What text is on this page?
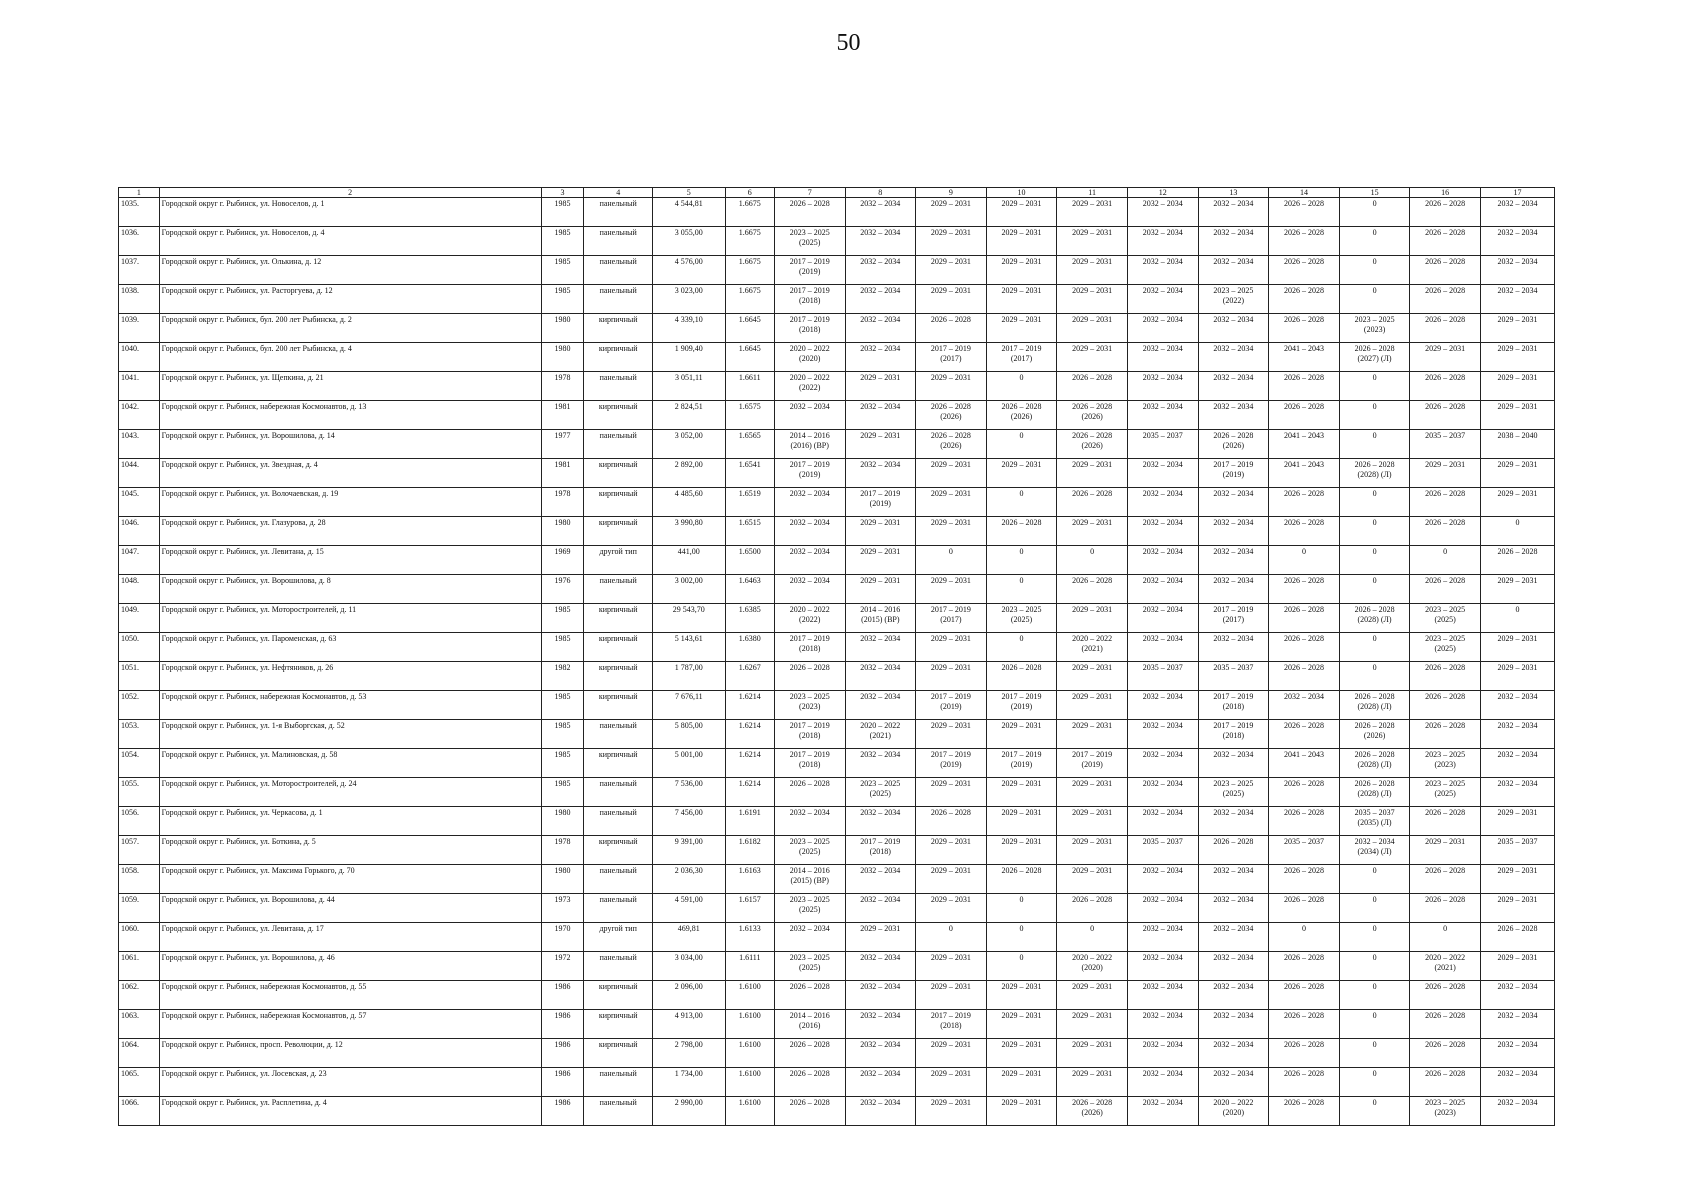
50
1	2	3	4	5	6	7	8	9	10	11	12	13	14	15	16	17
1035.	Городской округ г. Рыбинск, ул. Новоселов, д. 1	1985	панельный	4 544,81	1.6675	2026 – 2028	2032 – 2034	2029 – 2031	2029 – 2031	2029 – 2031	2032 – 2034	2032 – 2034	2026 – 2028	0	2026 – 2028	2032 – 2034

1036.	Городской округ г. Рыбинск, ул. Новоселов, д. 4	1985	панельный	3 055,00	1.6675	2023 – 2025
(2025)	2032 – 2034	2029 – 2031	2029 – 2031	2029 – 2031	2032 – 2034	2032 – 2034	2026 – 2028	0	2026 – 2028	2032 – 2034

1037.	Городской округ г. Рыбинск, ул. Олькина, д. 12	1985	панельный	4 576,00	1.6675	2017 – 2019
(2019)	2032 – 2034	2029 – 2031	2029 – 2031	2029 – 2031	2032 – 2034	2032 – 2034	2026 – 2028	0	2026 – 2028	2032 – 2034

1038.	Городской округ г. Рыбинск, ул. Расторгуева, д. 12	1985	панельный	3 023,00	1.6675	2017 – 2019
(2018)	2032 – 2034	2029 – 2031	2029 – 2031	2029 – 2031	2032 – 2034	2023 – 2025
(2022)	2026 – 2028	0	2026 – 2028	2032 – 2034

1039.	Городской округ г. Рыбинск, бул. 200 лет Рыбинска, д. 2	1980	кирпичный	4 339,10	1.6645	2017 – 2019
(2018)	2032 – 2034	2026 – 2028	2029 – 2031	2029 – 2031	2032 – 2034	2032 – 2034	2026 – 2028	2023 – 2025
(2023)	2026 – 2028	2029 – 2031

1040.	Городской округ г. Рыбинск, бул. 200 лет Рыбинска, д. 4	1980	кирпичный	1 909,40	1.6645	2020 – 2022
(2020)	2032 – 2034	2017 – 2019
(2017)	2017 – 2019
(2017)	2029 – 2031	2032 – 2034	2032 – 2034	2041 – 2043	2026 – 2028
(2027) (Л)	2029 – 2031	2029 – 2031

1041.	Городской округ г. Рыбинск, ул. Щепкина, д. 21	1978	панельный	3 051,11	1.6611	2020 – 2022
(2022)	2029 – 2031	2029 – 2031	0	2026 – 2028	2032 – 2034	2032 – 2034	2026 – 2028	0	2026 – 2028	2029 – 2031

1042.	Городской округ г. Рыбинск, набережная Космонавтов, д. 13	1981	кирпичный	2 824,51	1.6575	2032 – 2034	2032 – 2034	2026 – 2028
(2026)	2026 – 2028
(2026)	2026 – 2028
(2026)	2032 – 2034	2032 – 2034	2026 – 2028	0	2026 – 2028	2029 – 2031

1043.	Городской округ г. Рыбинск, ул. Ворошилова, д. 14	1977	панельный	3 052,00	1.6565	2014 – 2016
(2016) (ВР)	2029 – 2031	2026 – 2028
(2026)	0	2026 – 2028
(2026)	2035 – 2037	2026 – 2028
(2026)	2041 – 2043	0	2035 – 2037	2038 – 2040

1044.	Городской округ г. Рыбинск, ул. Звездная, д. 4	1981	кирпичный	2 892,00	1.6541	2017 – 2019
(2019)	2032 – 2034	2029 – 2031	2029 – 2031	2029 – 2031	2032 – 2034	2017 – 2019
(2019)	2041 – 2043	2026 – 2028
(2028) (Л)	2029 – 2031	2029 – 2031

1045.	Городской округ г. Рыбинск, ул. Волочаевская, д. 19	1978	кирпичный	4 485,60	1.6519	2032 – 2034	2017 – 2019
(2019)	2029 – 2031	0	2026 – 2028	2032 – 2034	2032 – 2034	2026 – 2028	0	2026 – 2028	2029 – 2031

1046.	Городской округ г. Рыбинск, ул. Глазуровa, д. 28	1980	кирпичный	3 990,80	1.6515	2032 – 2034	2029 – 2031	2029 – 2031	2026 – 2028	2029 – 2031	2032 – 2034	2032 – 2034	2026 – 2028	0	2026 – 2028	0

1047.	Городской округ г. Рыбинск, ул. Левитана, д. 15	1969	другой тип	441,00	1.6500	2032 – 2034	2029 – 2031	0	0	0	2032 – 2034	2032 – 2034	0	0	0	2026 – 2028

1048.	Городской округ г. Рыбинск, ул. Ворошилова, д. 8	1976	панельный	3 002,00	1.6463	2032 – 2034	2029 – 2031	2029 – 2031	0	2026 – 2028	2032 – 2034	2032 – 2034	2026 – 2028	0	2026 – 2028	2029 – 2031

1049.	Городской округ г. Рыбинск, ул. Моторостроителей, д. 11	1985	кирпичный	29 543,70	1.6385	2020 – 2022
(2022)	2014 – 2016
(2015) (ВР)	2017 – 2019
(2017)	2023 – 2025
(2025)	2029 – 2031	2032 – 2034	2017 – 2019
(2017)	2026 – 2028	2026 – 2028
(2028) (Л)	2023 – 2025
(2025)	0

1050.	Городской округ г. Рыбинск, ул. Пароменская, д. 63	1985	кирпичный	5 143,61	1.6380	2017 – 2019
(2018)	2032 – 2034	2029 – 2031	0	2020 – 2022
(2021)	2032 – 2034	2032 – 2034	2026 – 2028	0	2023 – 2025
(2025)	2029 – 2031

1051.	Городской округ г. Рыбинск, ул. Нефтяников, д. 26	1982	кирпичный	1 787,00	1.6267	2026 – 2028	2032 – 2034	2029 – 2031	2026 – 2028	2029 – 2031	2035 – 2037	2035 – 2037	2026 – 2028	0	2026 – 2028	2029 – 2031

1052.	Городской округ г. Рыбинск, набережная Космонавтов, д. 53	1985	кирпичный	7 676,11	1.6214	2023 – 2025
(2023)	2032 – 2034	2017 – 2019
(2019)	2017 – 2019
(2019)	2029 – 2031	2032 – 2034	2017 – 2019
(2018)	2032 – 2034	2026 – 2028
(2028) (Л)	2026 – 2028	2032 – 2034

1053.	Городской округ г. Рыбинск, ул. 1-я Выборгская, д. 52	1985	панельный	5 805,00	1.6214	2017 – 2019
(2018)	2020 – 2022
(2021)	2029 – 2031	2029 – 2031	2029 – 2031	2032 – 2034	2017 – 2019
(2018)	2026 – 2028	2026 – 2028
(2026)	2026 – 2028	2032 – 2034

1054.	Городской округ г. Рыбинск, ул. Малиновская, д. 58	1985	кирпичный	5 001,00	1.6214	2017 – 2019
(2018)	2032 – 2034	2017 – 2019
(2019)	2017 – 2019
(2019)	2017 – 2019
(2019)	2032 – 2034	2032 – 2034	2041 – 2043	2026 – 2028
(2028) (Л)	2023 – 2025
(2023)	2032 – 2034

1055.	Городской округ г. Рыбинск, ул. Моторостроителей, д. 24	1985	панельный	7 536,00	1.6214	2026 – 2028	2023 – 2025
(2025)	2029 – 2031	2029 – 2031	2029 – 2031	2032 – 2034	2023 – 2025
(2025)	2026 – 2028	2026 – 2028
(2028) (Л)	2023 – 2025
(2025)	2032 – 2034

1056.	Городской округ г. Рыбинск, ул. Черкасова, д. 1	1980	панельный	7 456,00	1.6191	2032 – 2034	2032 – 2034	2026 – 2028	2029 – 2031	2029 – 2031	2032 – 2034	2032 – 2034	2026 – 2028	2035 – 2037
(2035) (Л)	2026 – 2028	2029 – 2031

1057.	Городской округ г. Рыбинск, ул. Боткина, д. 5	1978	кирпичный	9 391,00	1.6182	2023 – 2025
(2025)	2017 – 2019
(2018)	2029 – 2031	2029 – 2031	2029 – 2031	2035 – 2037	2026 – 2028	2035 – 2037	2032 – 2034
(2034) (Л)	2029 – 2031	2035 – 2037

1058.	Городской округ г. Рыбинск, ул. Максима Горького, д. 70	1980	панельный	2 036,30	1.6163	2014 – 2016
(2015) (ВР)	2032 – 2034	2029 – 2031	2026 – 2028	2029 – 2031	2032 – 2034	2032 – 2034	2026 – 2028	0	2026 – 2028	2029 – 2031

1059.	Городской округ г. Рыбинск, ул. Ворошилова, д. 44	1973	панельный	4 591,00	1.6157	2023 – 2025
(2025)	2032 – 2034	2029 – 2031	0	2026 – 2028	2032 – 2034	2032 – 2034	2026 – 2028	0	2026 – 2028	2029 – 2031

1060.	Городской округ г. Рыбинск, ул. Левитана, д. 17	1970	другой тип	469,81	1.6133	2032 – 2034	2029 – 2031	0	0	0	2032 – 2034	2032 – 2034	0	0	0	2026 – 2028

1061.	Городской округ г. Рыбинск, ул. Ворошилова, д. 46	1972	панельный	3 034,00	1.6111	2023 – 2025
(2025)	2032 – 2034	2029 – 2031	0	2020 – 2022
(2020)	2032 – 2034	2032 – 2034	2026 – 2028	0	2020 – 2022
(2021)	2029 – 2031

1062.	Городской округ г. Рыбинск, набережная Космонавтов, д. 55	1986	кирпичный	2 096,00	1.6100	2026 – 2028	2032 – 2034	2029 – 2031	2029 – 2031	2029 – 2031	2032 – 2034	2032 – 2034	2026 – 2028	0	2026 – 2028	2032 – 2034

1063.	Городской округ г. Рыбинск, набережная Космонавтов, д. 57	1986	кирпичный	4 913,00	1.6100	2014 – 2016
(2016)	2032 – 2034	2017 – 2019
(2018)	2029 – 2031	2029 – 2031	2032 – 2034	2032 – 2034	2026 – 2028	0	2026 – 2028	2032 – 2034

1064.	Городской округ г. Рыбинск, просп. Революции, д. 12	1986	кирпичный	2 798,00	1.6100	2026 – 2028	2032 – 2034	2029 – 2031	2029 – 2031	2029 – 2031	2032 – 2034	2032 – 2034	2026 – 2028	0	2026 – 2028	2032 – 2034

1065.	Городской округ г. Рыбинск, ул. Лосевская, д. 23	1986	панельный	1 734,00	1.6100	2026 – 2028	2032 – 2034	2029 – 2031	2029 – 2031	2029 – 2031	2032 – 2034	2032 – 2034	2026 – 2028	0	2026 – 2028	2032 – 2034

1066.	Городской округ г. Рыбинск, ул. Расплетина, д. 4	1986	панельный	2 990,00	1.6100	2026 – 2028	2032 – 2034	2029 – 2031	2029 – 2031	2026 – 2028
(2026)	2032 – 2034	2020 – 2022
(2020)	2026 – 2028	0	2023 – 2025
(2023)	2032 – 2034
